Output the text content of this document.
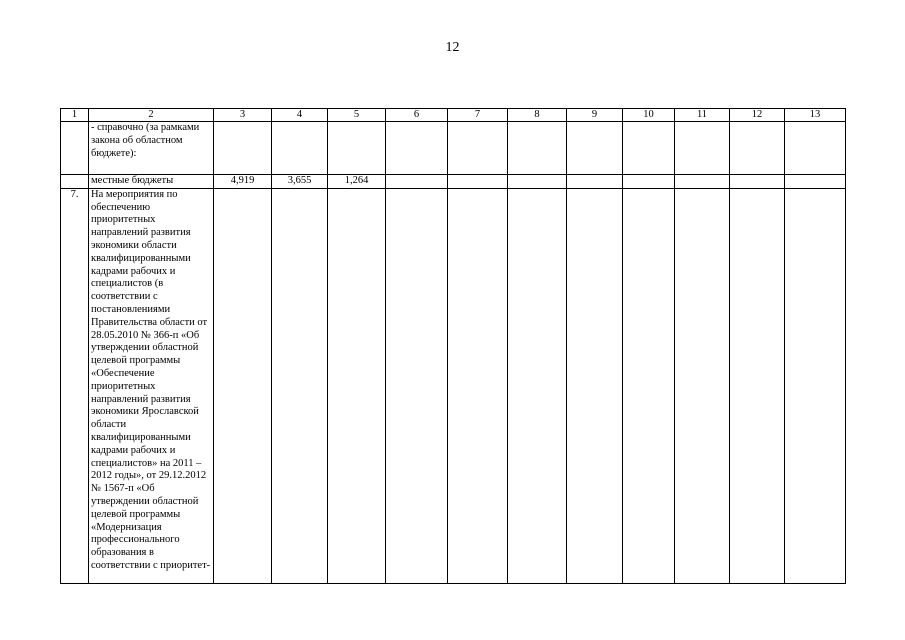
12
1	2	3	4	5	6	7	8	9	10	11	12	13
	- справочно (за рамками закона об областном бюджете):											
	местные бюджеты	4,919	3,655	1,264								
7.	На мероприятия по обеспечению приоритетных направлений развития экономики области квалифицированными кадрами рабочих и специалистов (в соответствии с постановлениями Правительства области от 28.05.2010 № 366-п «Об утверждении областной целевой программы «Обеспечение приоритетных направлений развития экономики Ярославской области квалифицированными кадрами рабочих и специалистов» на 2011 – 2012 годы», от 29.12.2012 № 1567-п «Об утверждении областной целевой программы «Модернизация профессионального образования в соответствии с приоритет-											
